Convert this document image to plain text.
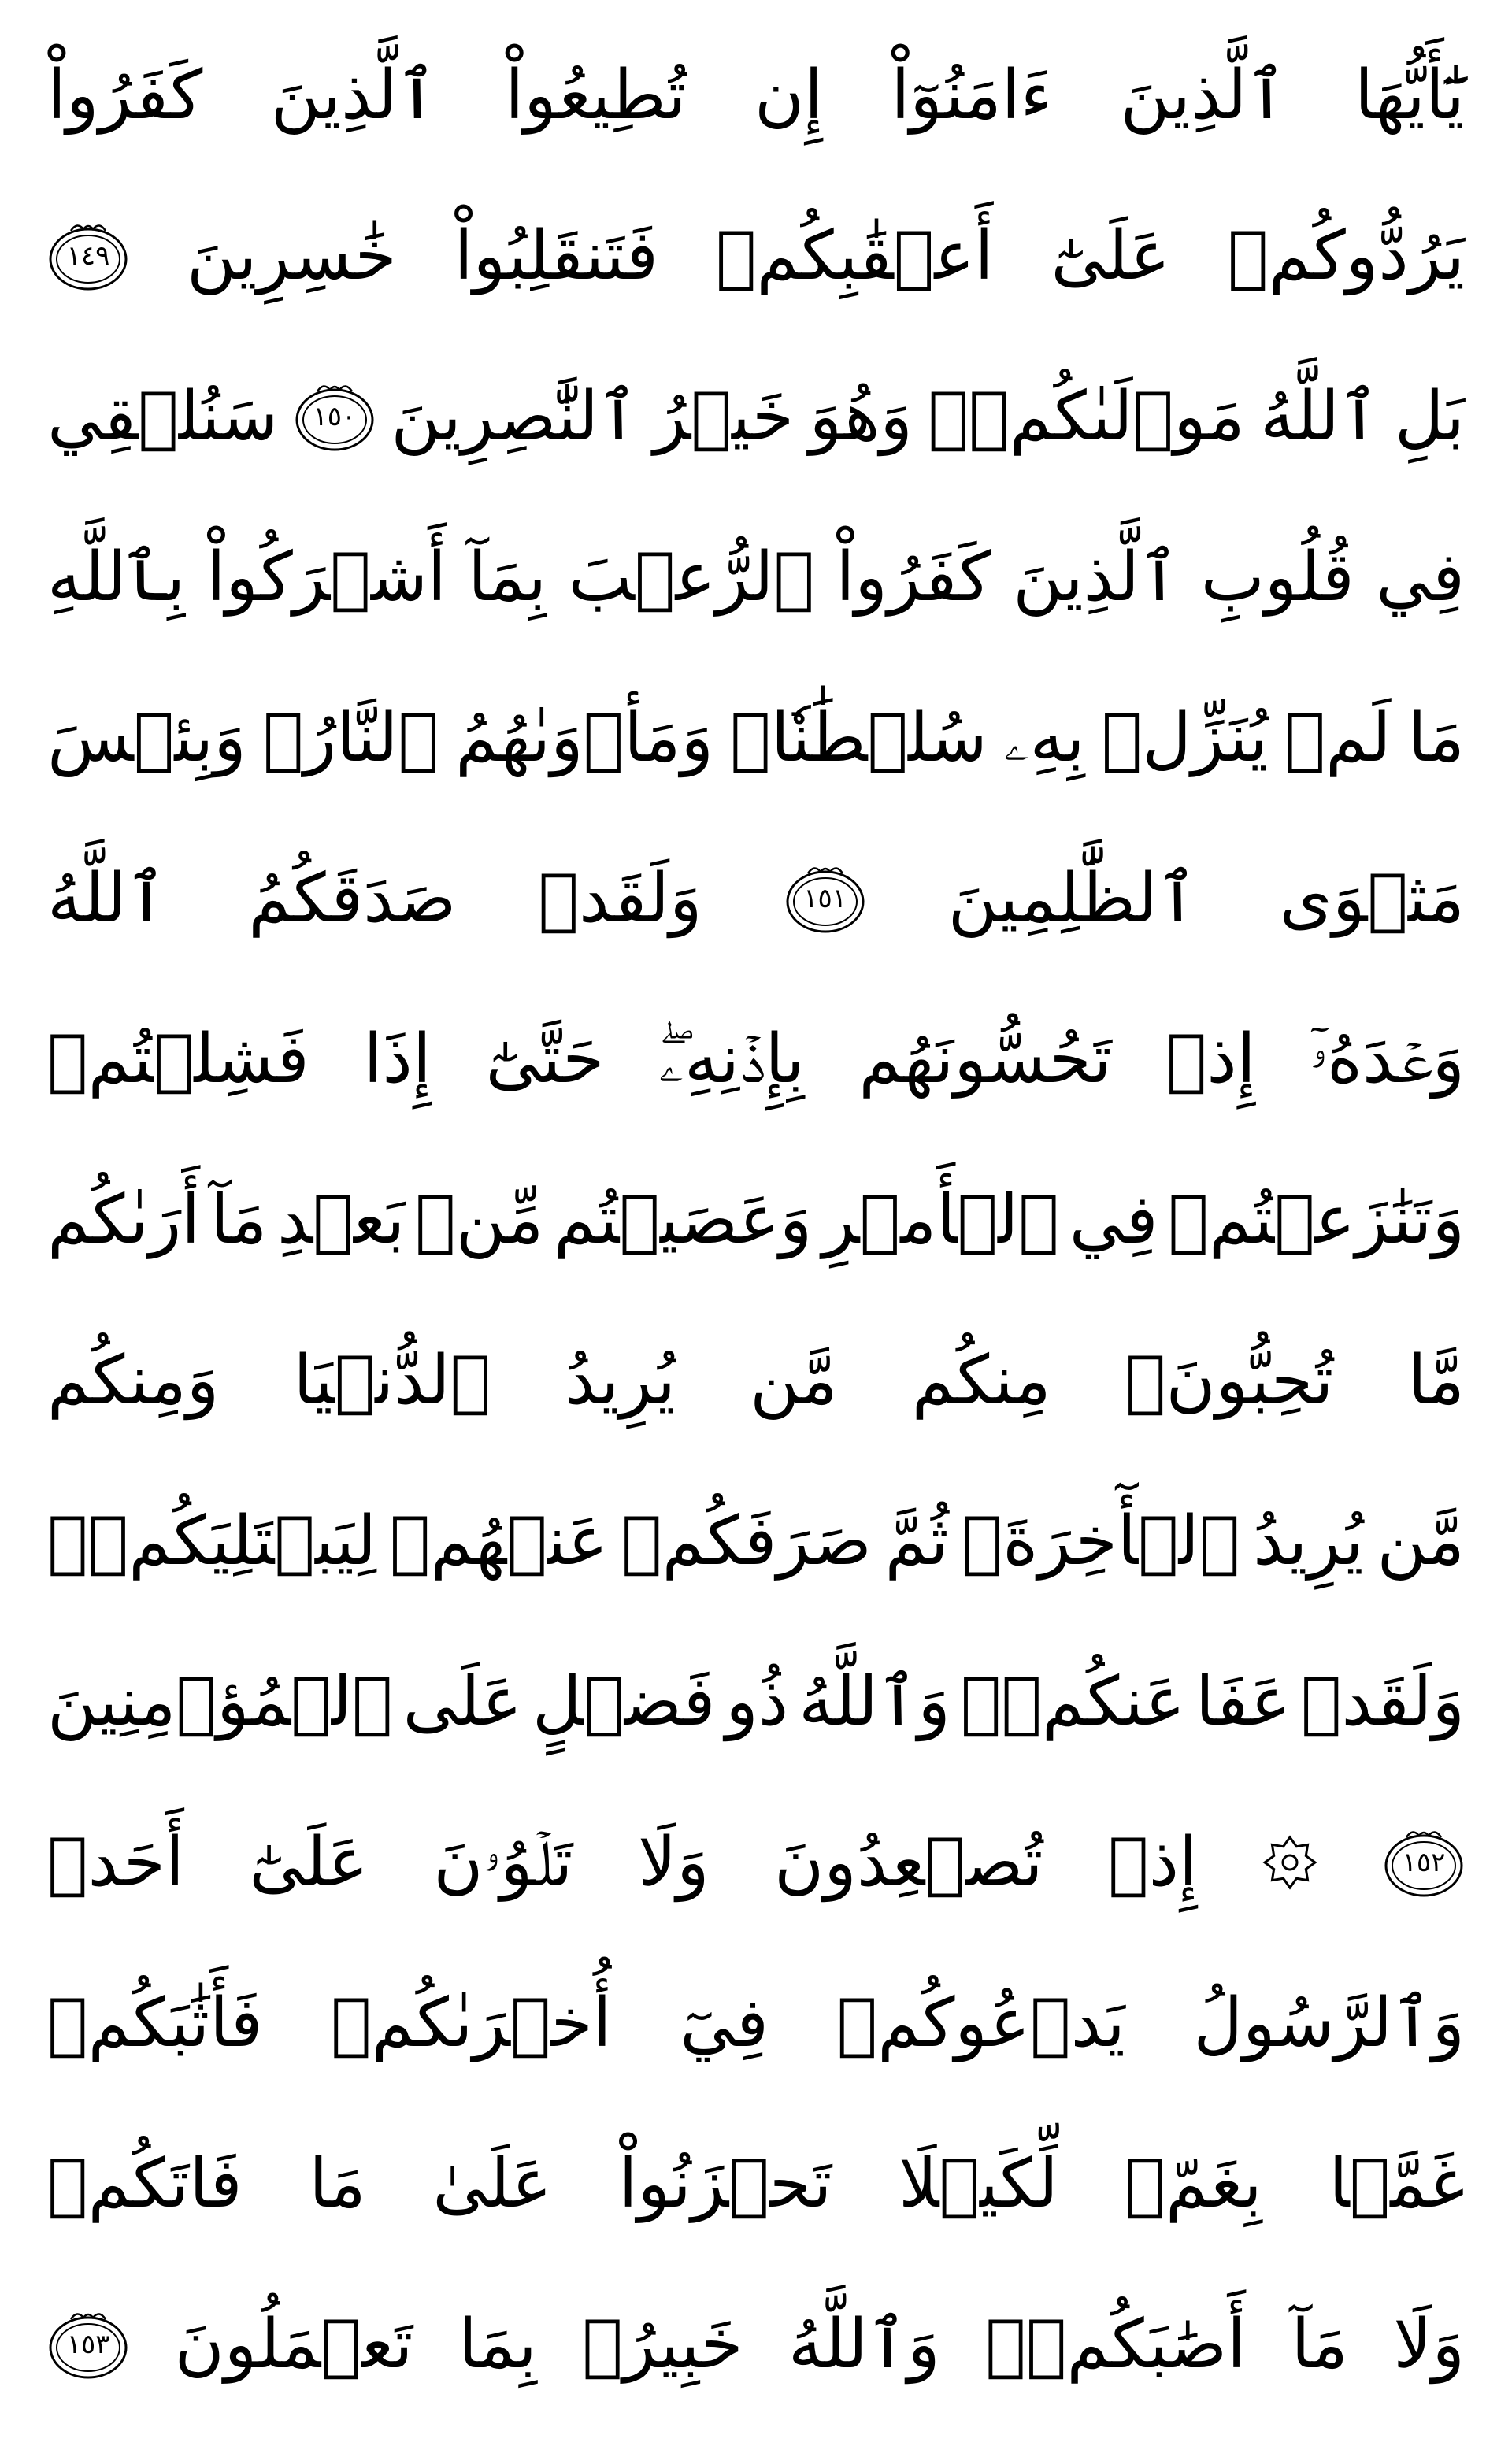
يَٰٓأَيُّهَا
ٱلَّذِينَ
ءَامَنُوٓاْ
إِن
تُطِيعُواْ
ٱلَّذِينَ
كَفَرُواْ
يَرُدُّوكُمۡ
عَلَىٰٓ
أَعۡقَٰبِكُمۡ
فَتَنقَلِبُواْ
خَٰسِرِينَ
١٤٩
بَلِ
ٱللَّهُ
مَوۡلَىٰكُمۡۖ
وَهُوَ
خَيۡرُ
ٱلنَّٰصِرِينَ
١٥٠
سَنُلۡقِي
فِي
قُلُوبِ
ٱلَّذِينَ
كَفَرُواْ
ٱلرُّعۡبَ
بِمَآ
أَشۡرَكُواْ
بِٱللَّهِ
مَا
لَمۡ
يُنَزِّلۡ
بِهِۦ
سُلۡطَٰنٗاۖ
وَمَأۡوَىٰهُمُ
ٱلنَّارُۖ
وَبِئۡسَ
مَثۡوَى
ٱلظَّٰلِمِينَ
١٥١
وَلَقَدۡ
صَدَقَكُمُ
ٱللَّهُ
وَعۡدَهُۥٓ
إِذۡ
تَحُسُّونَهُم
بِإِذۡنِهِۦۖ
حَتَّىٰٓ
إِذَا
فَشِلۡتُمۡ
وَتَنَٰزَعۡتُمۡ
فِي
ٱلۡأَمۡرِ
وَعَصَيۡتُم
مِّنۢ
بَعۡدِ
مَآ
أَرَىٰكُم
مَّا
تُحِبُّونَۚ
مِنكُم
مَّن
يُرِيدُ
ٱلدُّنۡيَا
وَمِنكُم
مَّن
يُرِيدُ
ٱلۡأٓخِرَةَۚ
ثُمَّ
صَرَفَكُمۡ
عَنۡهُمۡ
لِيَبۡتَلِيَكُمۡۖ
وَلَقَدۡ
عَفَا
عَنكُمۡۗ
وَٱللَّهُ
ذُو
فَضۡلٍ
عَلَى
ٱلۡمُؤۡمِنِينَ
١٥٢
إِذۡ
تُصۡعِدُونَ
وَلَا
تَلۡوُۥنَ
عَلَىٰٓ
أَحَدٖ
وَٱلرَّسُولُ
يَدۡعُوكُمۡ
فِيٓ
أُخۡرَىٰكُمۡ
فَأَثَٰبَكُمۡ
غَمَّۢا
بِغَمّٖ
لِّكَيۡلَا
تَحۡزَنُواْ
عَلَىٰ
مَا
فَاتَكُمۡ
وَلَا
مَآ
أَصَٰبَكُمۡۗ
وَٱللَّهُ
خَبِيرُۢ
بِمَا
تَعۡمَلُونَ
١٥٣
